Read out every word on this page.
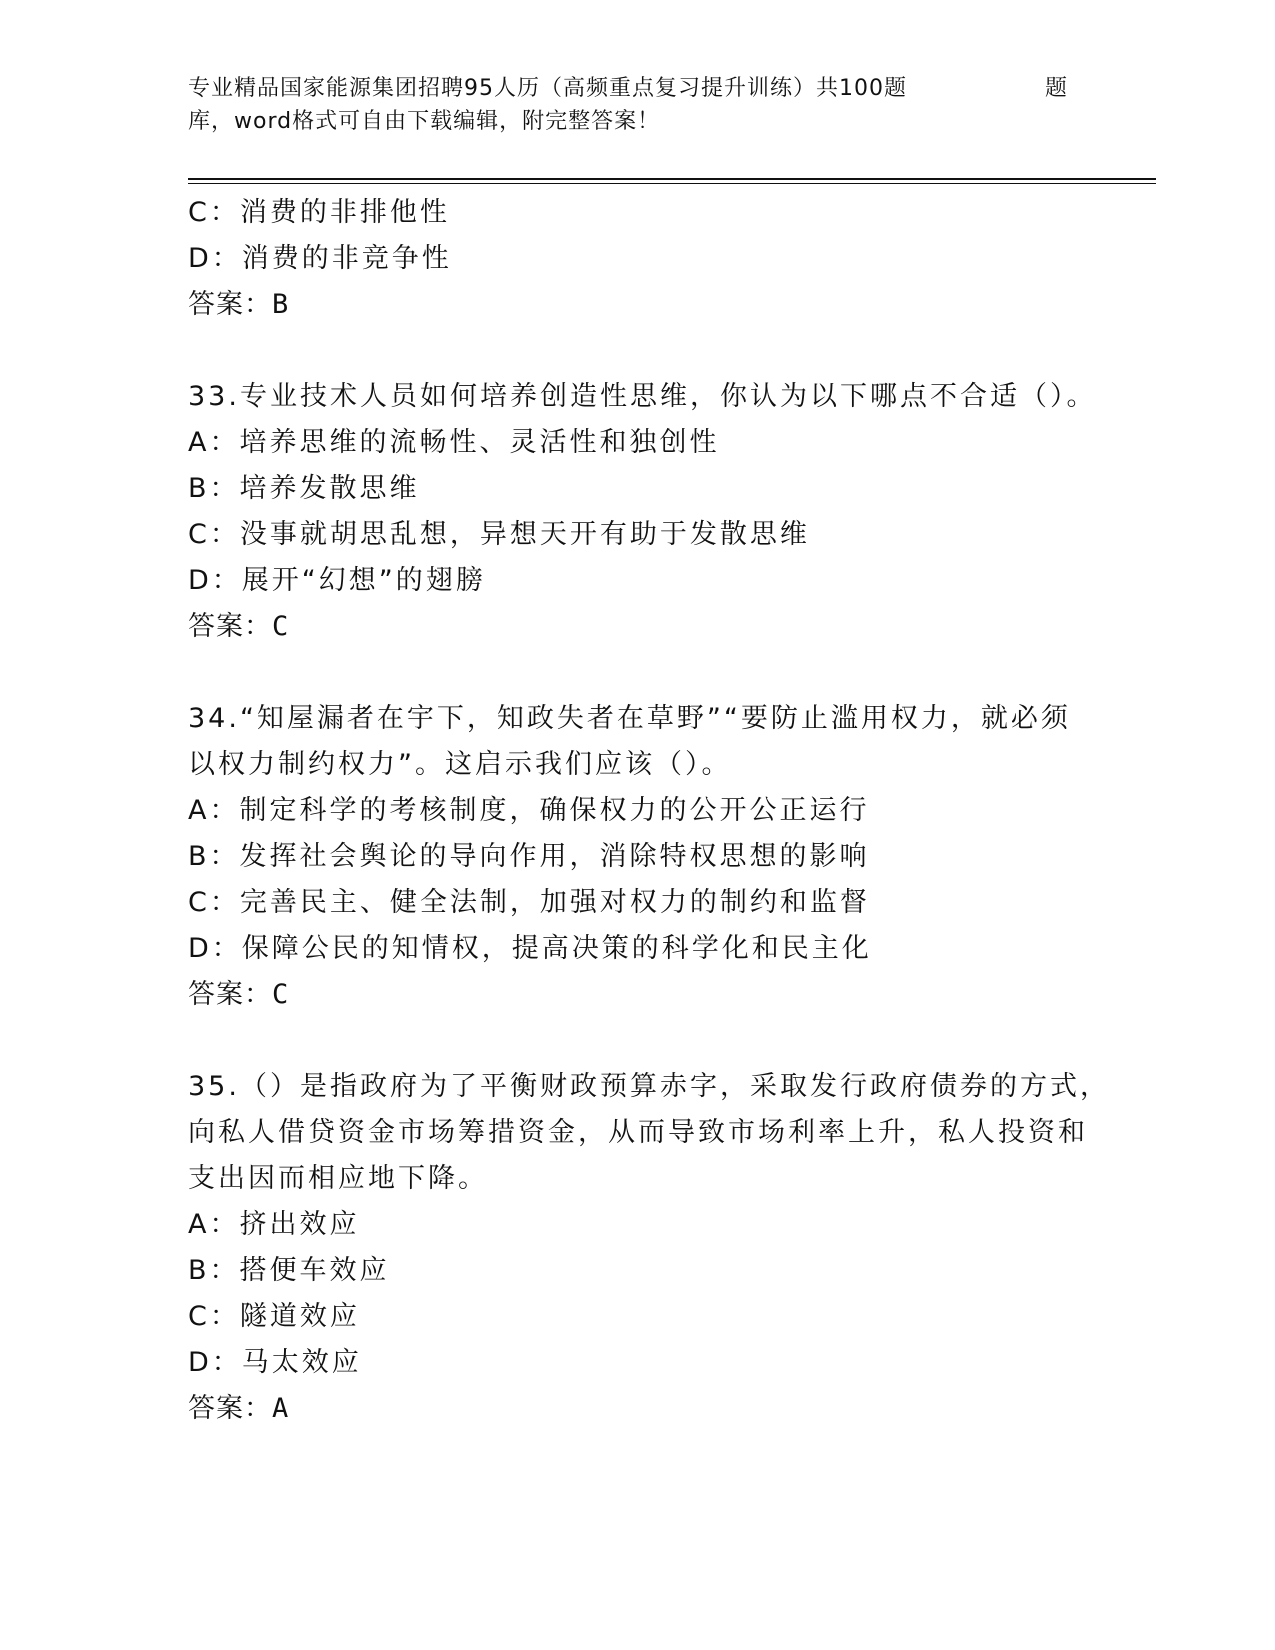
专业精品国家能源集团招聘95人历（高频重点复习提升训练）共100题	题
库，word格式可自由下载编辑，附完整答案！
C：消费的非排他性
D：消费的非竞争性
答案：B
33.专业技术人员如何培养创造性思维，你认为以下哪点不合适（）。
A：培养思维的流畅性、灵活性和独创性
B：培养发散思维
C：没事就胡思乱想，异想天开有助于发散思维
D：展开“幻想”的翅膀
答案：C
34.“知屋漏者在宇下，知政失者在草野”“要防止滥用权力，就必须
以权力制约权力”。这启示我们应该（）。
A：制定科学的考核制度，确保权力的公开公正运行
B：发挥社会舆论的导向作用，消除特权思想的影响
C：完善民主、健全法制，加强对权力的制约和监督
D：保障公民的知情权，提高决策的科学化和民主化
答案：C
35.（）是指政府为了平衡财政预算赤字，采取发行政府债券的方式，
向私人借贷资金市场筹措资金，从而导致市场利率上升，私人投资和
支出因而相应地下降。
A：挤出效应
B：搭便车效应
C：隧道效应
D：马太效应
答案：A
